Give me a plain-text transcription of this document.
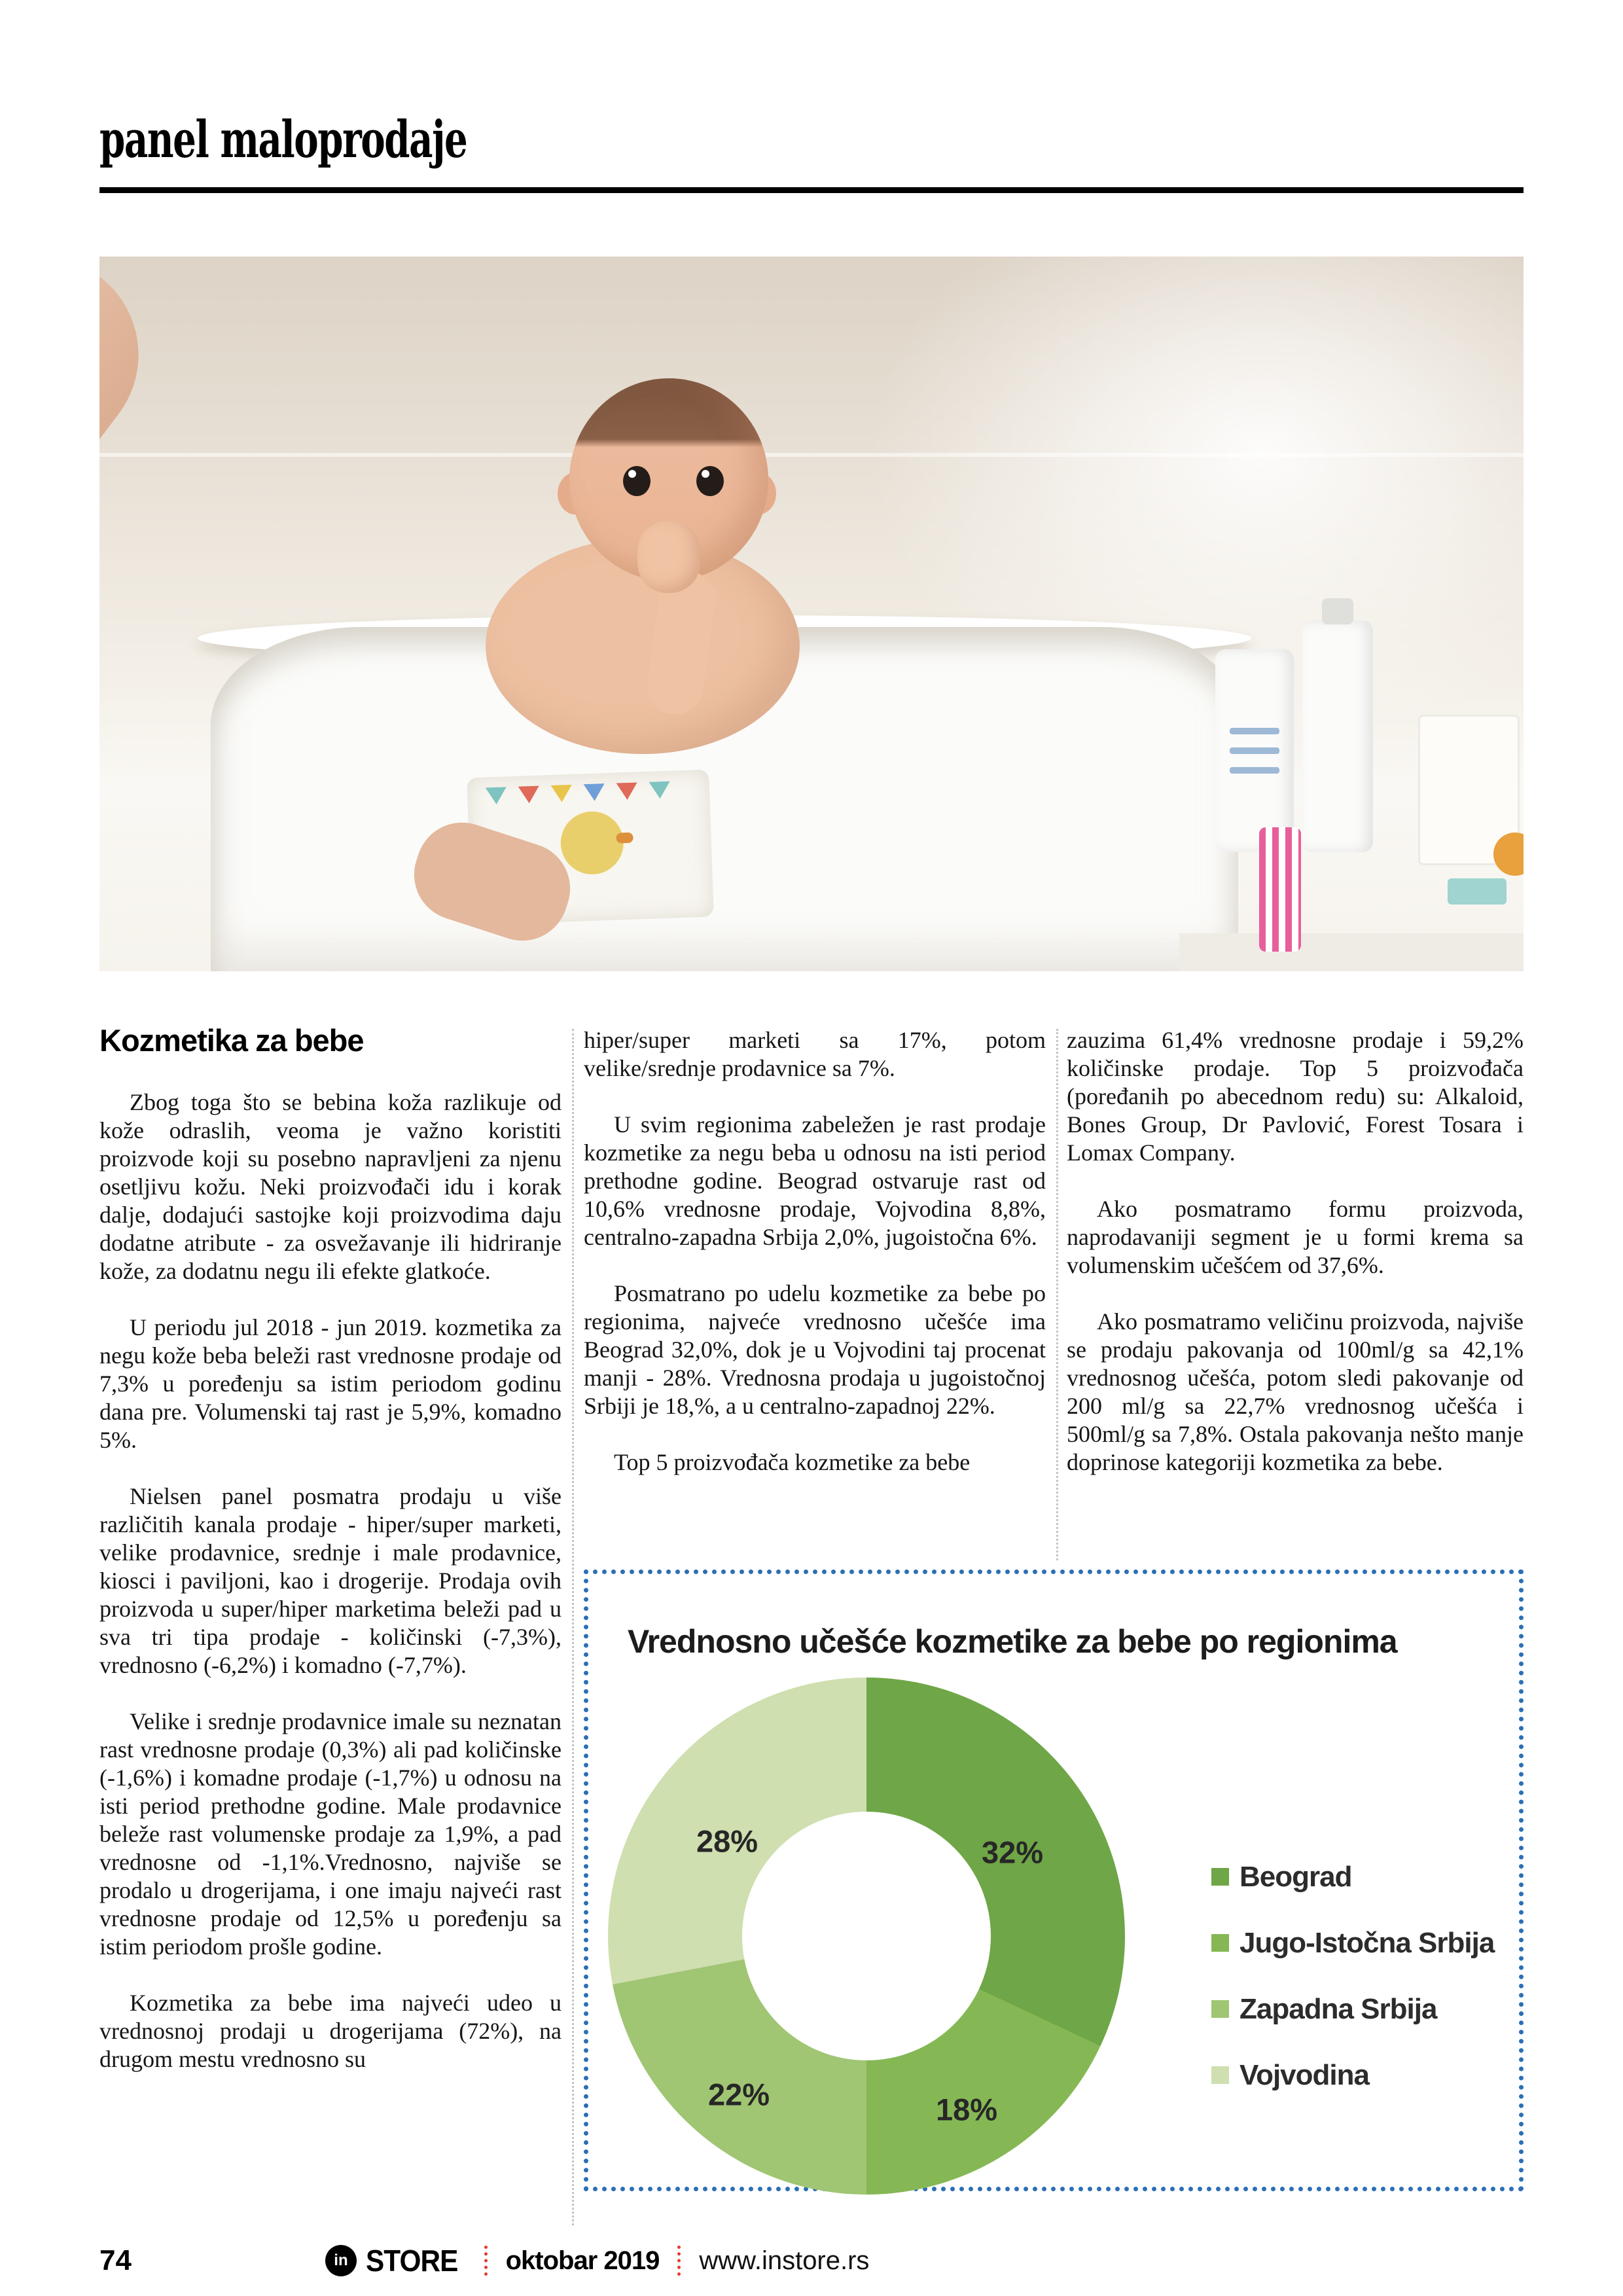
panel maloprodaje
Kozmetika za bebe

Zbog toga što se bebina koža razlikuje od kože odraslih, veoma je važno koristiti proizvode koji su posebno napravljeni za njenu osetljivu kožu. Neki proizvođači idu i korak dalje, dodajući sastojke koji proizvodima daju dodatne atribute - za osvežavanje ili hidriranje kože, za dodatnu negu ili efekte glatkoće.

U periodu jul 2018 - jun 2019. kozmetika za negu kože beba beleži rast vrednosne prodaje od 7,3% u poređenju sa istim periodom godinu dana pre. Volumenski taj rast je 5,9%, komadno 5%.

Nielsen panel posmatra prodaju u više različitih kanala prodaje - hiper/super marketi, velike prodavnice, srednje i male prodavnice, kiosci i paviljoni, kao i drogerije. Prodaja ovih proizvoda u super/hiper marketima beleži pad u sva tri tipa prodaje - količinski (-7,3%), vrednosno (-6,2%) i komadno (-7,7%).

Velike i srednje prodavnice imale su neznatan rast vrednosne prodaje (0,3%) ali pad količinske (-1,6%) i komadne prodaje (-1,7%) u odnosu na isti period prethodne godine. Male prodavnice beleže rast volumenske prodaje za 1,9%, a pad vrednosne od -1,1%.Vrednosno, najviše se prodalo u drogerijama, i one imaju najveći rast vrednosne prodaje od 12,5% u poređenju sa istim periodom prošle godine.

Kozmetika za bebe ima najveći udeo u vrednosnoj prodaji u drogerijama (72%), na drugom mestu vrednosno su

hiper/super marketi sa 17%, potom velike/srednje prodavnice sa 7%.

U svim regionima zabeležen je rast prodaje kozmetike za negu beba u odnosu na isti period prethodne godine. Beograd ostvaruje rast od 10,6% vrednosne prodaje, Vojvodina 8,8%, centralno-zapadna Srbija 2,0%, jugoistočna 6%.

Posmatrano po udelu kozmetike za bebe po regionima, najveće vrednosno učešće ima Beograd 32,0%, dok je u Vojvodini taj procenat manji - 28%. Vrednosna prodaja u jugoistočnoj Srbiji je 18,%, a u centralno-zapadnoj 22%.

Top 5 proizvođača kozmetike za bebe

zauzima 61,4% vrednosne prodaje i 59,2% količinske prodaje. Top 5 proizvođača (poređanih po abecednom redu) su: Alkaloid, Bones Group, Dr Pavlović, Forest Tosara i Lomax Company.

Ako posmatramo formu proizvoda, naprodavaniji segment je u formi krema sa volumenskim učešćem od 37,6%.

Ako posmatramo veličinu proizvoda, najviše se prodaju pakovanja od 100ml/g sa 42,1% vrednosnog učešća, potom sledi pakovanje od 200 ml/g sa 22,7% vrednosnog učešća i 500ml/g sa 7,8%. Ostala pakovanja nešto manje doprinose kategoriji kozmetika za bebe.

Vrednosno učešće kozmetike za bebe po regionima
28%	32%
22%	18%
Beograd
Jugo-Istočna Srbija
Zapadna Srbija
Vojvodina
74	in STORE oktobar 2019 www.instore.rs
